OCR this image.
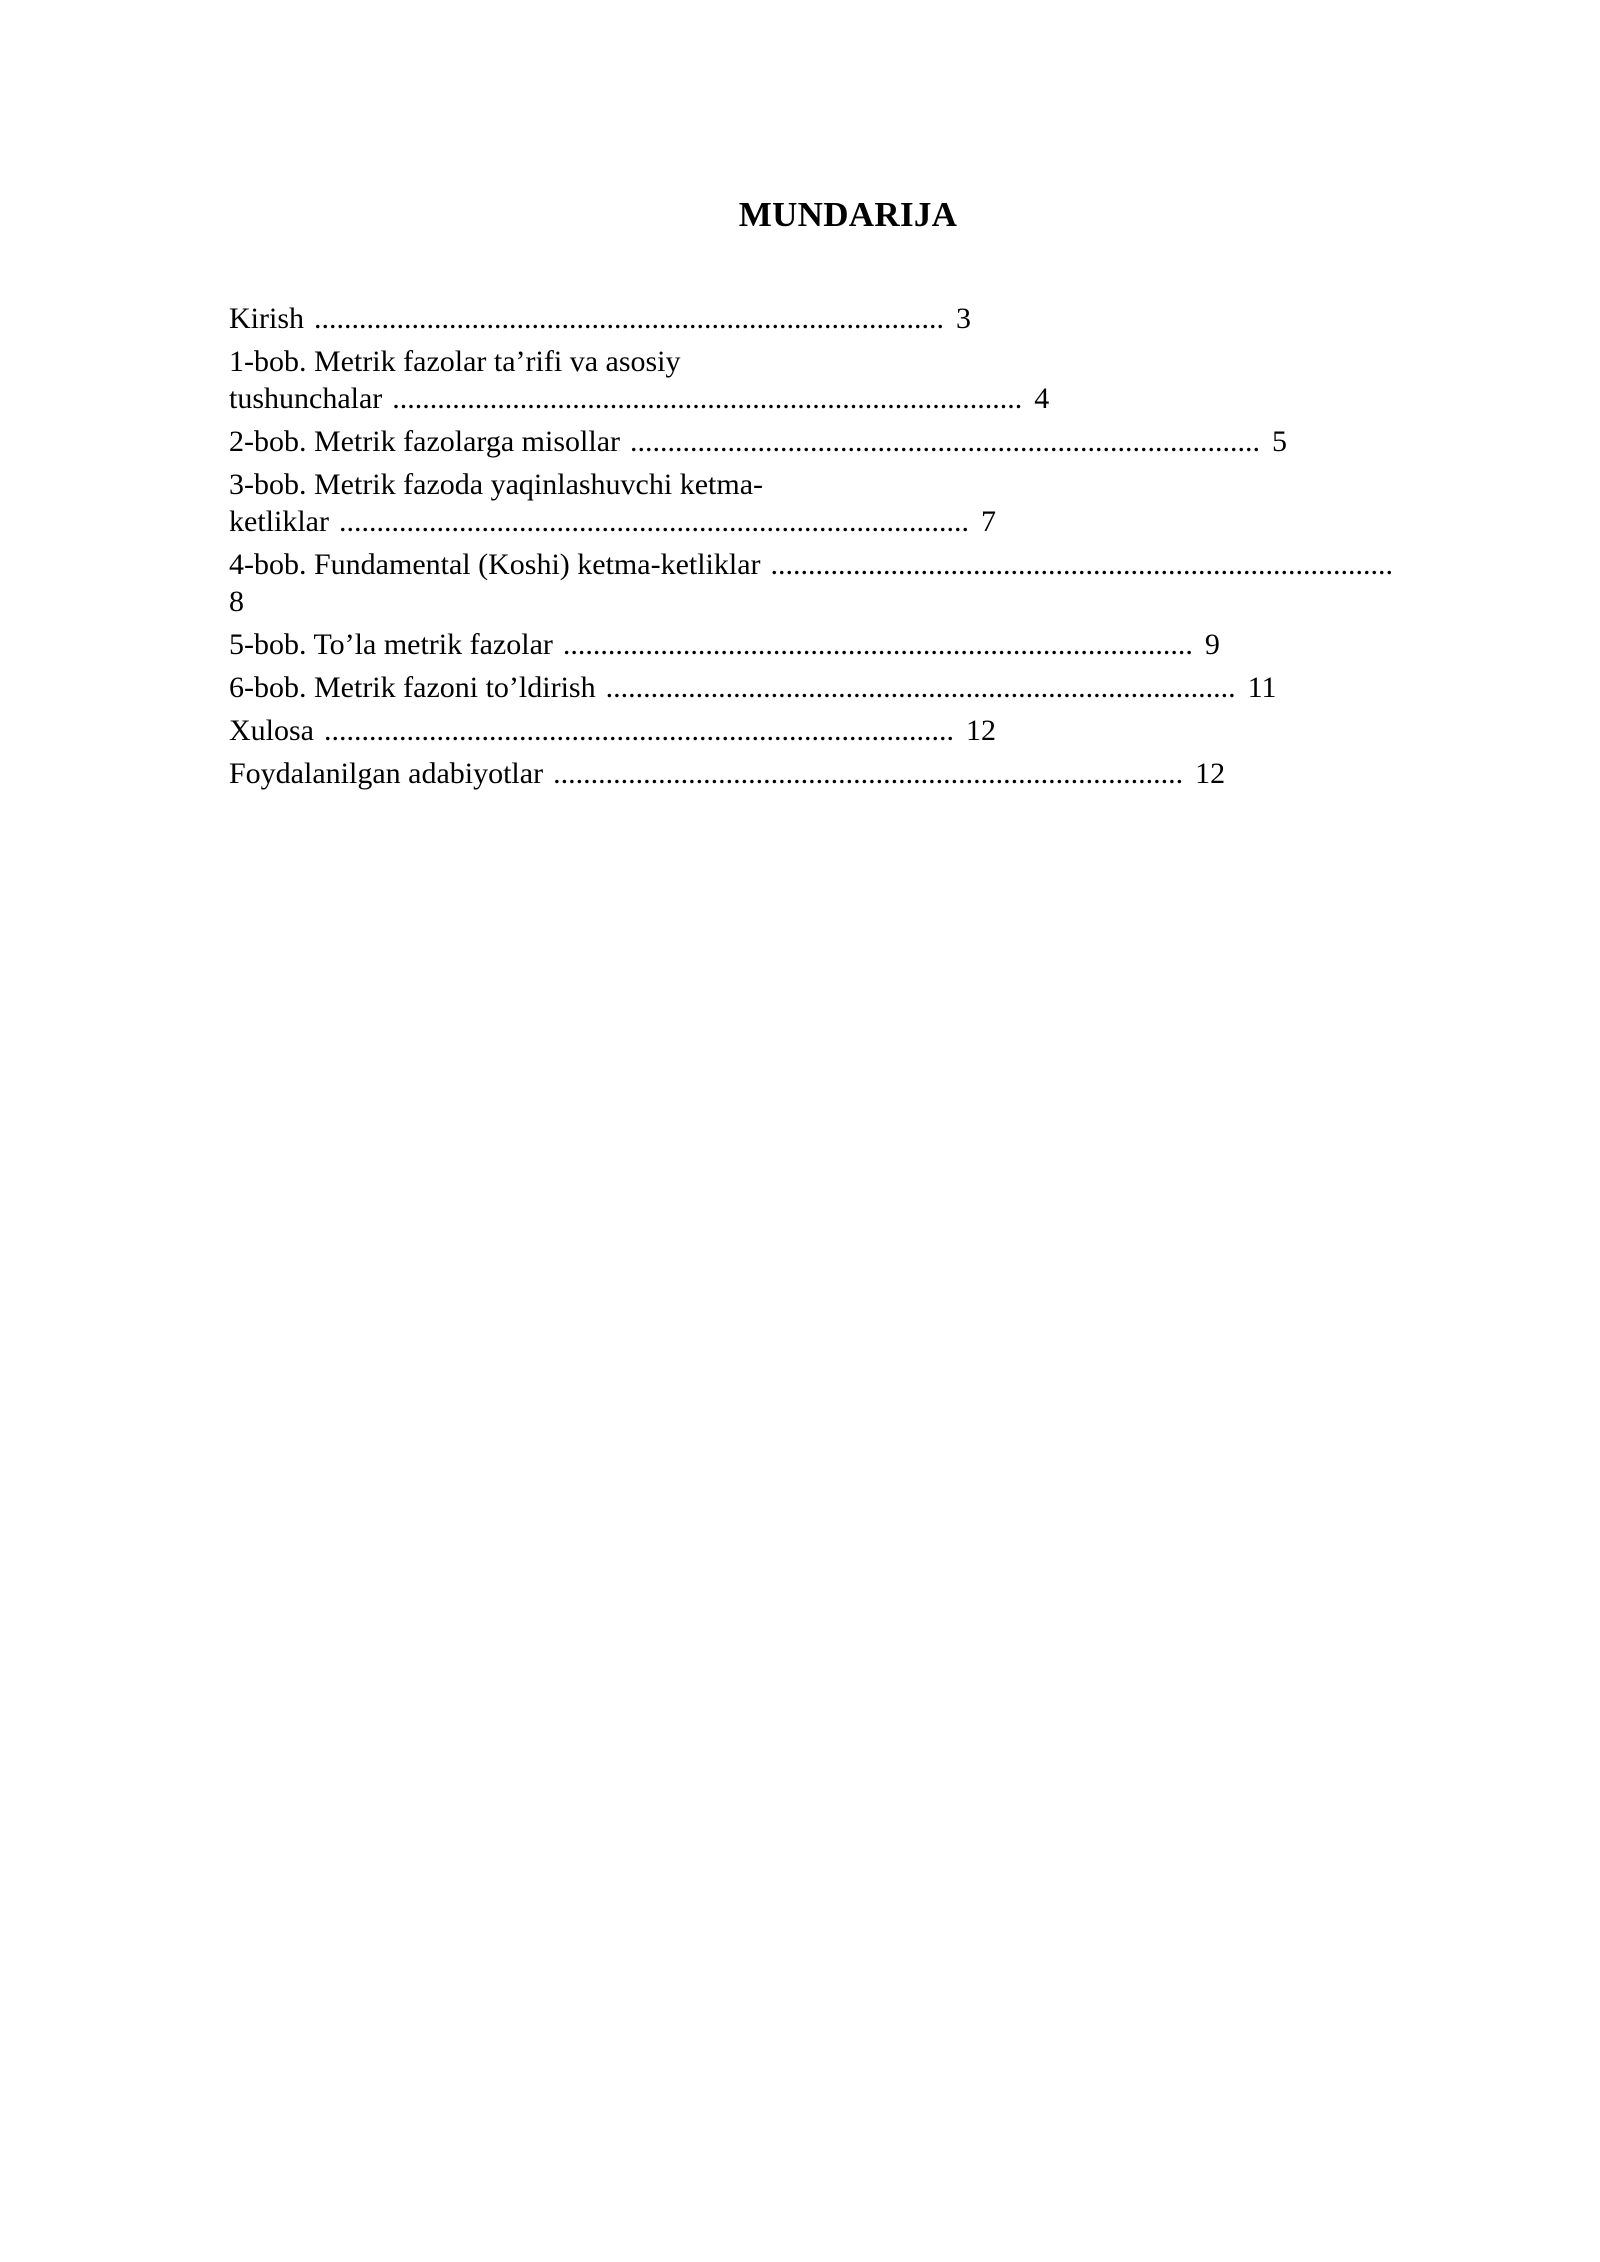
MUNDARIJA
Kirish .................................................................................... 3
1-bob. Metrik fazolar ta’rifi va asosiy
tushunchalar .................................................................................... 4
2-bob. Metrik fazolarga misollar .................................................................................... 5
3-bob. Metrik fazoda yaqinlashuvchi ketma-
ketliklar .................................................................................... 7
4-bob. Fundamental (Koshi) ketma-ketliklar ...................................................................................
8
5-bob. To’la metrik fazolar .................................................................................... 9
6-bob. Metrik fazoni to’ldirish .................................................................................... 11
Xulosa .................................................................................... 12
Foydalanilgan adabiyotlar .................................................................................... 12
